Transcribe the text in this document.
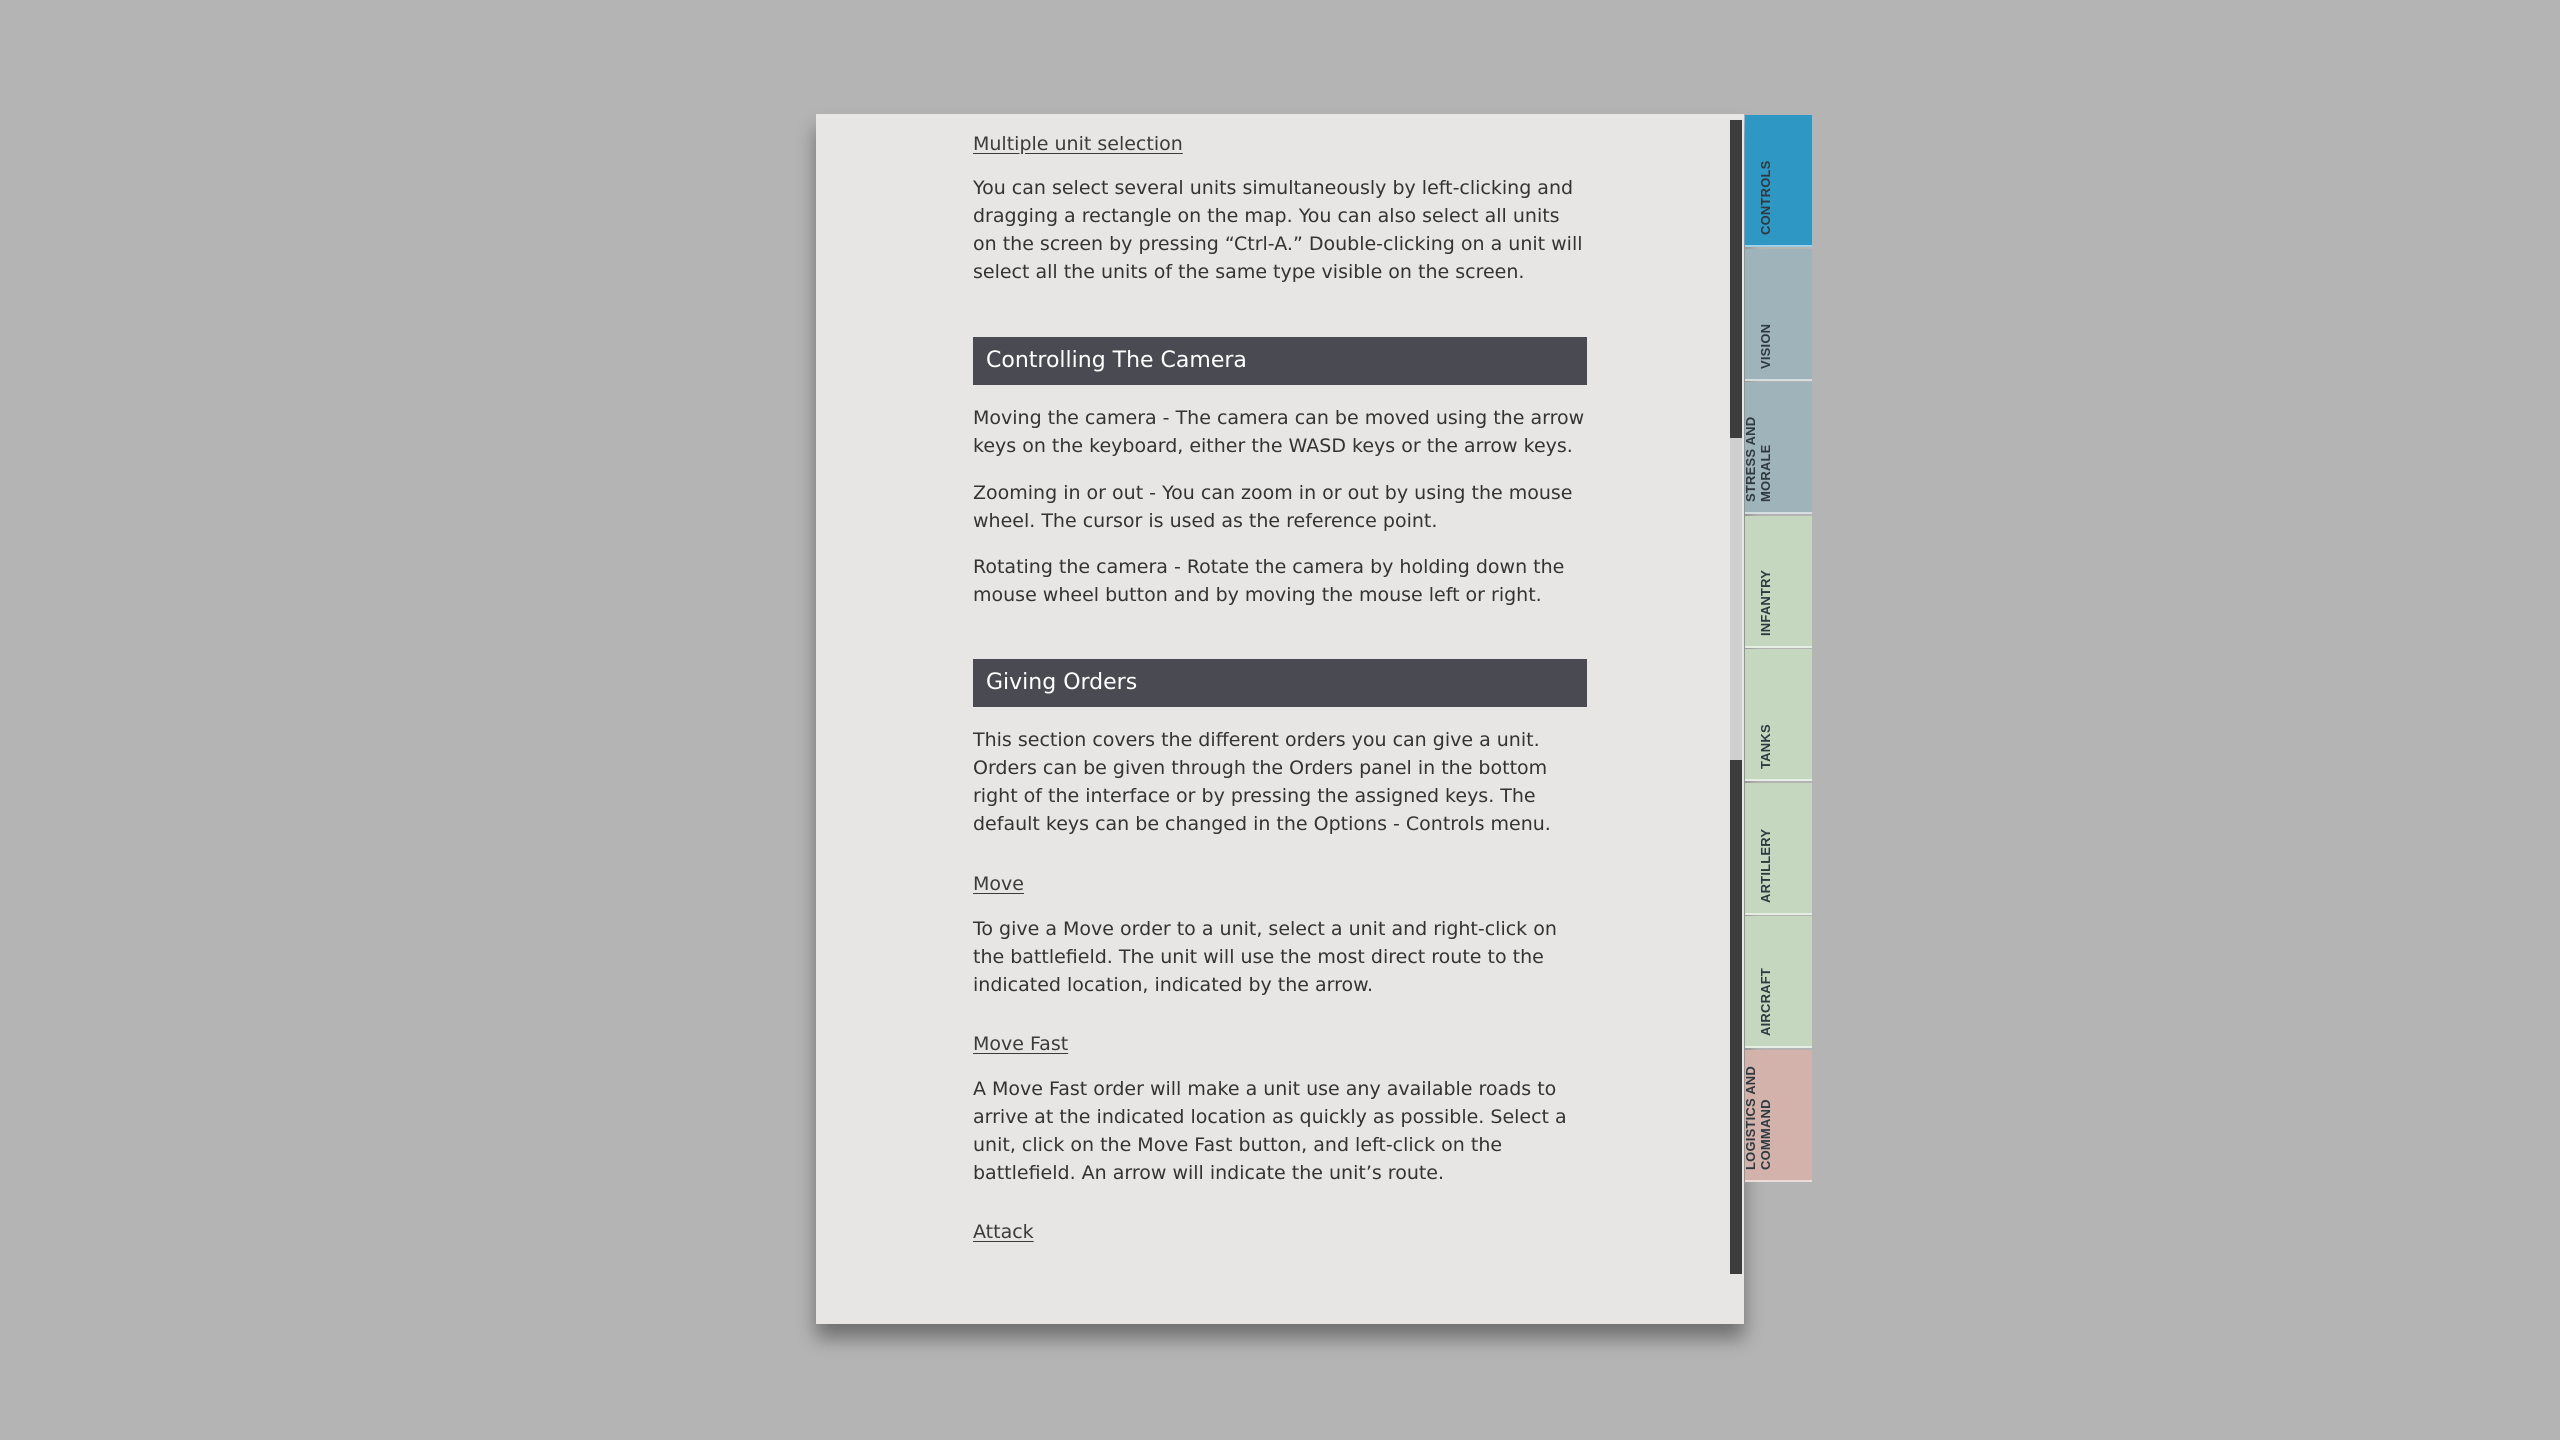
Multiple unit selection

You can select several units simultaneously by left-clicking and dragging a rectangle on the map. You can also select all units on the screen by pressing “Ctrl-A.” Double-clicking on a unit will select all the units of the same type visible on the screen.

Controlling The Camera

Moving the camera - The camera can be moved using the arrow keys on the keyboard, either the WASD keys or the arrow keys.

Zooming in or out - You can zoom in or out by using the mouse wheel. The cursor is used as the reference point.

Rotating the camera - Rotate the camera by holding down the mouse wheel button and by moving the mouse left or right.

Giving Orders

This section covers the different orders you can give a unit. Orders can be given through the Orders panel in the bottom right of the interface or by pressing the assigned keys. The default keys can be changed in the Options - Controls menu.

Move

To give a Move order to a unit, select a unit and right-click on the battlefield. The unit will use the most direct route to the indicated location, indicated by the arrow.

Move Fast

A Move Fast order will make a unit use any available roads to arrive at the indicated location as quickly as possible. Select a unit, click on the Move Fast button, and left-click on the battlefield. An arrow will indicate the unit’s route.

Attack

CONTROLS
VISION
STRESS AND MORALE
INFANTRY
TANKS
ARTILLERY
AIRCRAFT
LOGISTICS AND COMMAND
